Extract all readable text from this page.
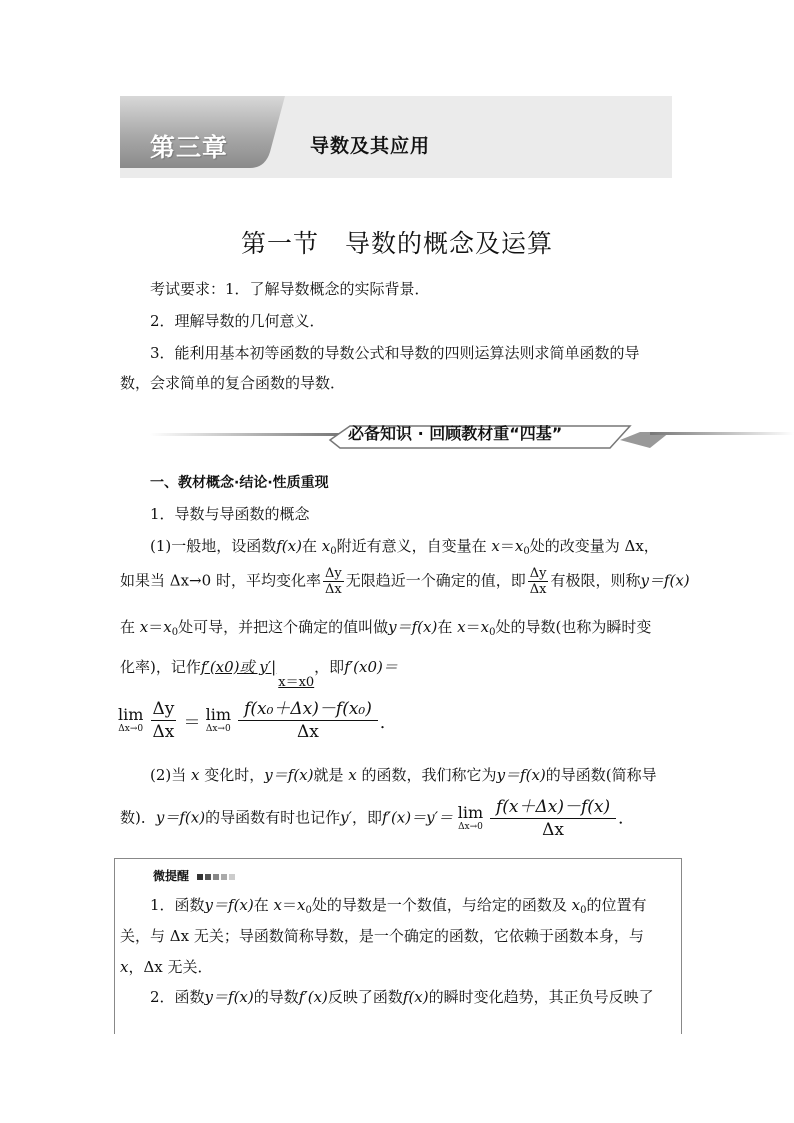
第三章	导数及其应用
第一节　导数的概念及运算
考试要求：1．了解导数概念的实际背景．
2．理解导数的几何意义．
3．能利用基本初等函数的导数公式和导数的四则运算法则求简单函数的导
数，会求简单的复合函数的导数．
必备知识 · 回顾教材重“四基”
一、教材概念·结论·性质重现
1．导数与导函数的概念
(1)一般地，设函数f(x)在 $x_0$附近有意义，自变量在 $x=x_0$处的改变量为 Δx，
如果当 Δx→0 时，平均变化率 $\frac{\Delta y}{\Delta x}$ 无限趋近一个确定的值，即 $\frac{\Delta y}{\Delta x}$ 有极限，则称y＝f(x)
在 $x=x_0$处可导，并把这个确定的值叫做y＝f(x)在 $x=x_0$处的导数(也称为瞬时变
化率)，记作f′(x0)或 y′|x＝x0，即f′(x0)＝
lim
Δx→0
$\frac{\Delta y}{\Delta x} = \lim$
Δx→0
$\frac{\text{f(x₀＋Δx)－f(x₀)}}{\Delta x}$ ．
(2)当 x 变化时，y＝f(x)就是 x 的函数，我们称它为y＝f(x)的导函数(简称导
数)．y＝f(x)的导函数有时也记作y′，即f′(x)＝y′＝ lim
Δx→0
$\frac{f(x+\Delta x)-f(x)}{\Delta x}$ ．
微提醒
1．函数y＝f(x)在 $x=x_0$处的导数是一个数值，与给定的函数及 $x_0$的位置有
关，与 Δx 无关；导函数简称导数，是一个确定的函数，它依赖于函数本身，与
x，Δx 无关．
2．函数y＝f(x)的导数f′(x)反映了函数f(x)的瞬时变化趋势，其正负号反映了
